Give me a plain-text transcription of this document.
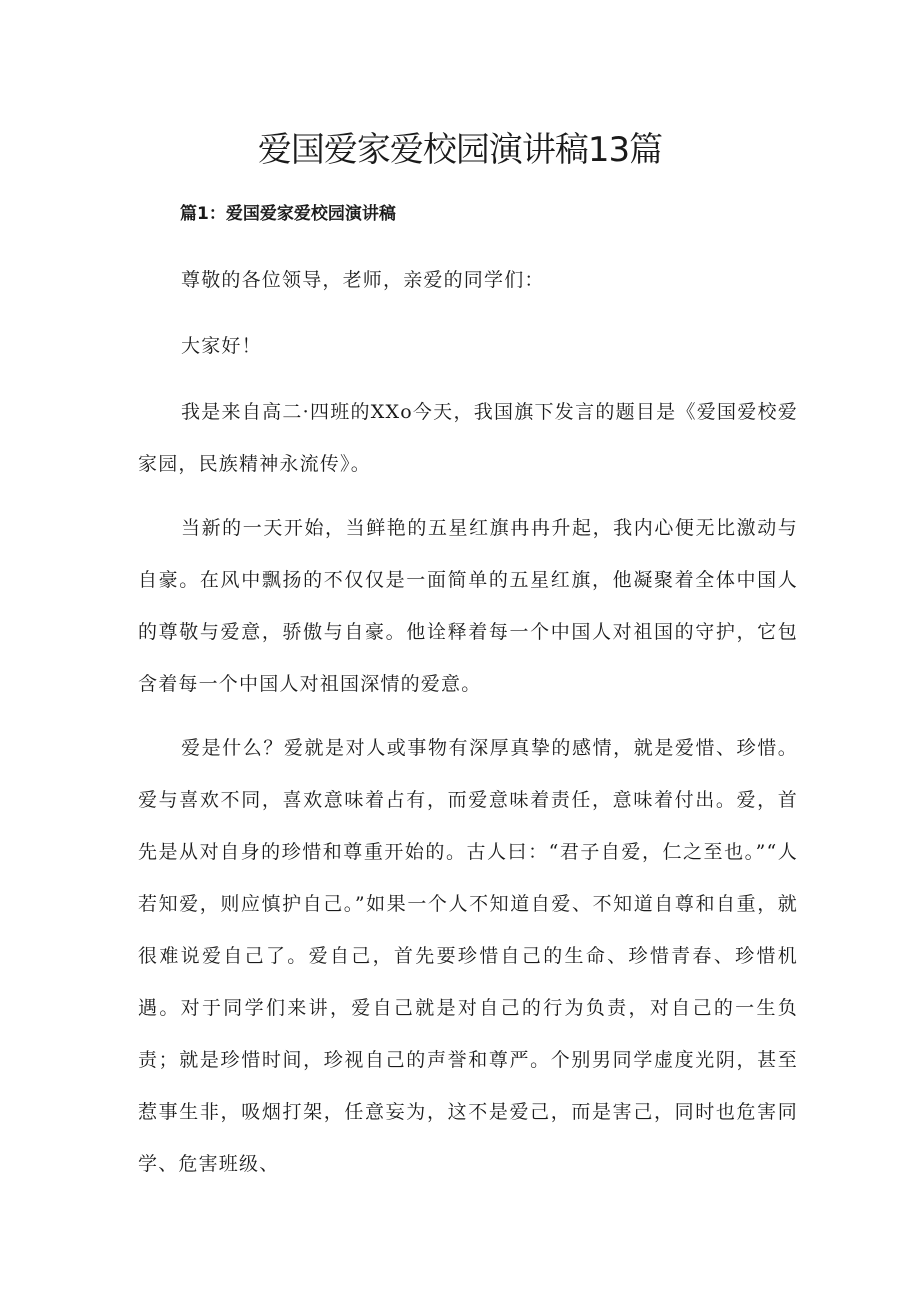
爱国爱家爱校园演讲稿13篇
篇1：爱国爱家爱校园演讲稿

尊敬的各位领导，老师，亲爱的同学们：

大家好！

我是来自高二·四班的XXo今天，我国旗下发言的题目是《爱国爱校爱家园，民族精神永流传》。

当新的一天开始，当鲜艳的五星红旗冉冉升起，我内心便无比激动与自豪。在风中飘扬的不仅仅是一面简单的五星红旗，他凝聚着全体中国人的尊敬与爱意，骄傲与自豪。他诠释着每一个中国人对祖国的守护，它包含着每一个中国人对祖国深情的爱意。

爱是什么？爱就是对人或事物有深厚真挚的感情，就是爱惜、珍惜。爱与喜欢不同，喜欢意味着占有，而爱意味着责任，意味着付出。爱，首先是从对自身的珍惜和尊重开始的。古人曰：“君子自爱，仁之至也。”“人若知爱，则应慎护自己。”如果一个人不知道自爱、不知道自尊和自重，就很难说爱自己了。爱自己，首先要珍惜自己的生命、珍惜青春、珍惜机遇。对于同学们来讲，爱自己就是对自己的行为负责，对自己的一生负责；就是珍惜时间，珍视自己的声誉和尊严。个别男同学虚度光阴，甚至惹事生非，吸烟打架，任意妄为，这不是爱己，而是害己，同时也危害同学、危害班级、
